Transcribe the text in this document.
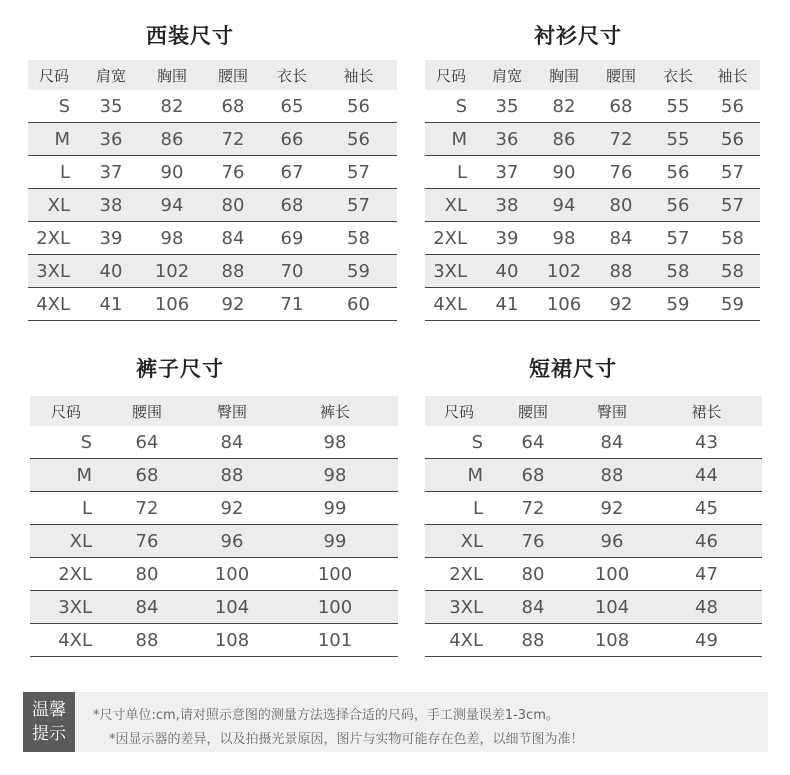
西装尺寸
尺码	肩宽	胸围	腰围	衣长	袖长
S	35	82	68	65	56
M	36	86	72	66	56
L	37	90	76	67	57
XL	38	94	80	68	57
2XL	39	98	84	69	58
3XL	40	102	88	70	59
4XL	41	106	92	71	60
衬衫尺寸
尺码	肩宽	胸围	腰围	衣长	袖长
S	35	82	68	55	56
M	36	86	72	55	56
L	37	90	76	56	57
XL	38	94	80	56	57
2XL	39	98	84	57	58
3XL	40	102	88	58	58
4XL	41	106	92	59	59
裤子尺寸
尺码	腰围	臀围	裤长
S	64	84	98
M	68	88	98
L	72	92	99
XL	76	96	99
2XL	80	100	100
3XL	84	104	100
4XL	88	108	101
短裙尺寸
尺码	腰围	臀围	裙长
S	64	84	43
M	68	88	44
L	72	92	45
XL	76	96	46
2XL	80	100	47
3XL	84	104	48
4XL	88	108	49
温馨
提示
*尺寸单位:cm,请对照示意图的测量方法选择合适的尺码，手工测量误差1-3cm。
*因显示器的差异，以及拍摄光景原因，图片与实物可能存在色差，以细节图为准！
